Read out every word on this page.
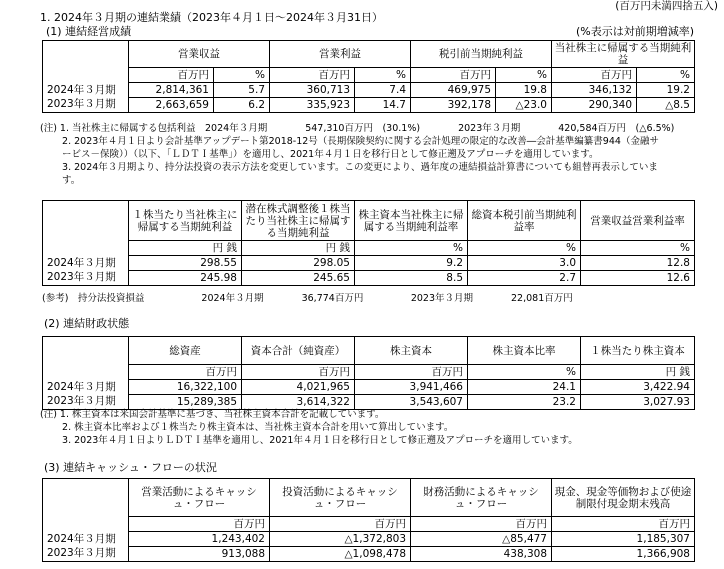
(百万円未満四捨五入)
1. 2024年３月期の連結業績（2023年４月１日～2024年３月31日）
(1) 連結経営成績	(%表示は対前期増減率)
	営業収益		営業利益		税引前当期純利益		当社株主に帰属する当期純利益	
	百万円	%	百万円	%	百万円	%	百万円	%
2024年３月期	2,814,361	5.7	360,713	7.4	469,975	19.8	346,132	19.2
2023年３月期	2,663,659	6.2	335,923	14.7	392,178	△23.0	290,340	△8.5
(注) 1. 当社株主に帰属する包括利益　2024年３月期　　　　547,310百万円　(30.1%)　　　　2023年３月期　　　　420,584百万円　(△6.5%)
　　 2. 2023年４月１日より会計基準アップデート第2018-12号（長期保険契約に関する会計処理の限定的な改善―会計基準編纂書944（金融サ
　　 ービス－保険））（以下、「ＬＤＴＩ基準」）を適用し、2021年４月１日を移行日として修正遡及アプローチを適用しています。
　　 3. 2024年３月期より、持分法投資の表示方法を変更しています。この変更により、過年度の連結損益計算書についても組替再表示していま
　　 す。
	１株当たり当社株主に帰属する当期純利益	潜在株式調整後１株当たり当社株主に帰属する当期純利益	株主資本当社株主に帰属する当期純利益率	総資本税引前当期純利益率	営業収益営業利益率
	円 銭	円 銭	%	%	%
2024年３月期	298.55	298.05	9.2	3.0	12.8
2023年３月期	245.98	245.65	8.5	2.7	12.6
(参考)　持分法投資損益　　　　　　2024年３月期　　　　36,774百万円　　　　　2023年３月期　　　　22,081百万円
(2) 連結財政状態
	総資産	資本合計（純資産）	株主資本	株主資本比率	１株当たり株主資本
	百万円	百万円	百万円	%	円 銭
2024年３月期	16,322,100	4,021,965	3,941,466	24.1	3,422.94
2023年３月期	15,289,385	3,614,322	3,543,607	23.2	3,027.93
(注) 1. 株主資本は米国会計基準に基づき、当社株主資本合計を記載しています。
　　 2. 株主資本比率および１株当たり株主資本は、当社株主資本合計を用いて算出しています。
　　 3. 2023年４月１日よりＬＤＴＩ基準を適用し、2021年４月１日を移行日として修正遡及アプローチを適用しています。
(3) 連結キャッシュ・フローの状況
	営業活動によるキャッシュ・フロー	投資活動によるキャッシュ・フロー	財務活動によるキャッシュ・フロー	現金、現金等価物および使途制限付現金期末残高
	百万円	百万円	百万円	百万円
2024年３月期	1,243,402	△1,372,803	△85,477	1,185,307
2023年３月期	913,088	△1,098,478	438,308	1,366,908
